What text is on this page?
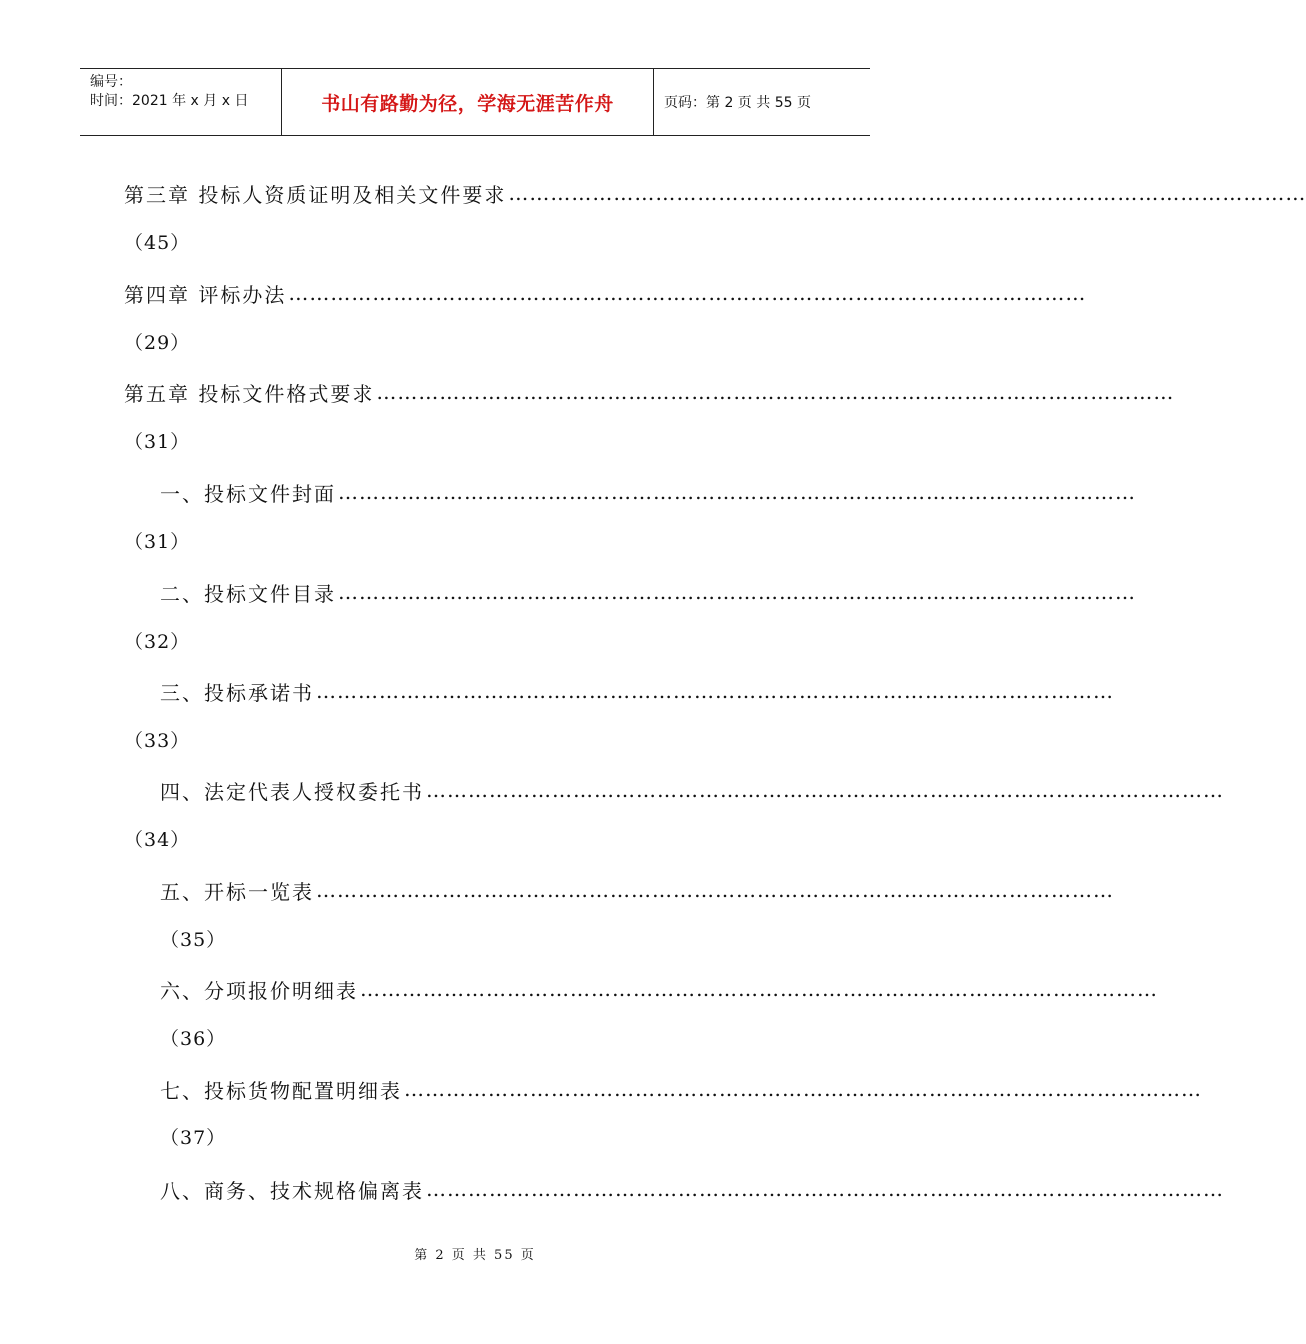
编号：
时间：2021 年 x 月 x 日	书山有路勤为径，学海无涯苦作舟	页码：第 2 页 共 55 页
第三章 投标人资质证明及相关文件要求 ……………………………………………………………………………………………………
（45）
第四章 评标办法 ……………………………………………………………………………………………………
（29）
第五章 投标文件格式要求 ……………………………………………………………………………………………………
（31）
一、投标文件封面 ……………………………………………………………………………………………………
（31）
二、投标文件目录 ……………………………………………………………………………………………………
（32）
三、投标承诺书 ……………………………………………………………………………………………………
（33）
四、法定代表人授权委托书 ……………………………………………………………………………………………………
（34）
五、开标一览表 ……………………………………………………………………………………………………
（35）
六、分项报价明细表 ……………………………………………………………………………………………………
（36）
七、投标货物配置明细表 ……………………………………………………………………………………………………
（37）
八、商务、技术规格偏离表 ……………………………………………………………………………………………………
第 2 页 共 55 页
